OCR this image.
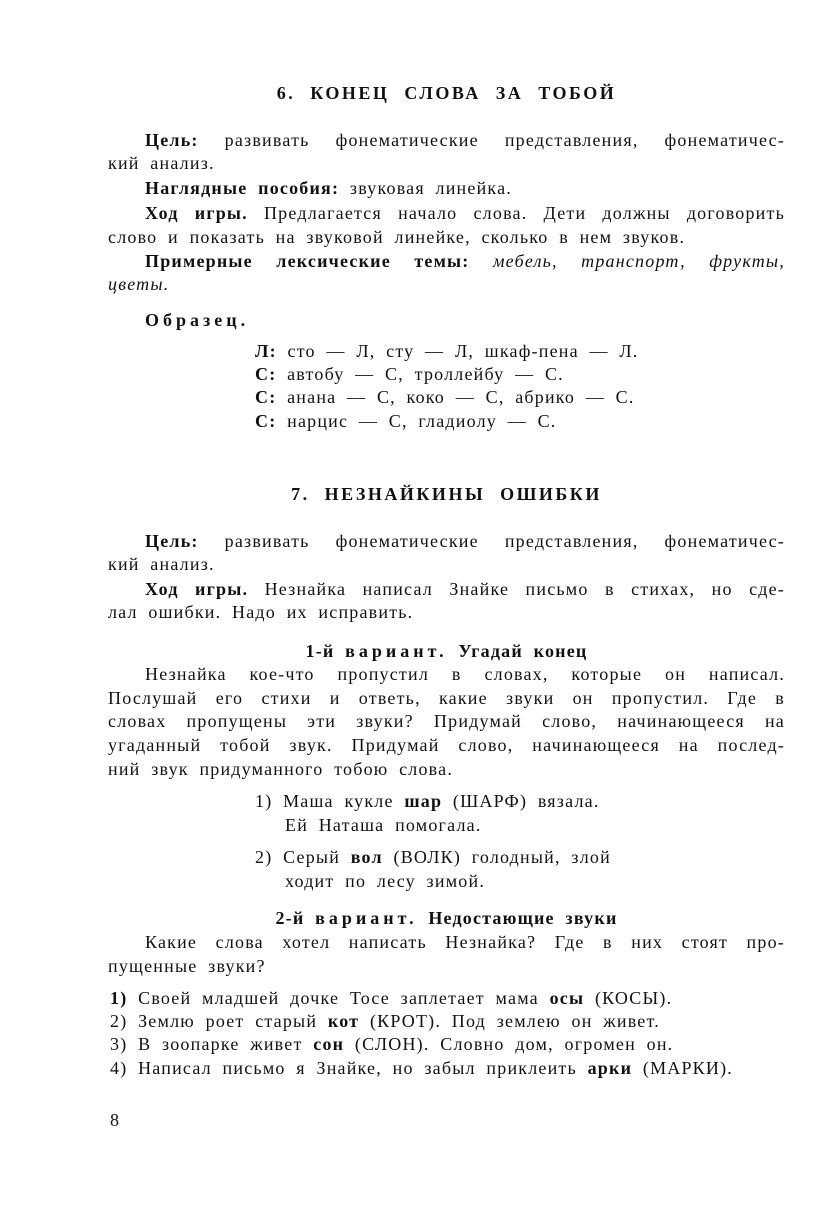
8
6. КОНЕЦ СЛОВА ЗА ТОБОЙ
Цель: развивать фонематические представления, фонематичес-
кий анализ.
Наглядные пособия: звуковая линейка.
Ход игры. Предлагается начало слова. Дети должны договорить
слово и показать на звуковой линейке, сколько в нем звуков.
Примерные лексические темы: мебель, транспорт, фрукты,
цветы.
Образец.
Л: сто — Л, сту — Л, шкаф-пена — Л.
С: автобу — С, троллейбу — С.
С: анана — С, коко — С, абрико — С.
С: нарцис — С, гладиолу — С.
7. НЕЗНАЙКИНЫ ОШИБКИ
Цель: развивать фонематические представления, фонематичес-
кий анализ.
Ход игры. Незнайка написал Знайке письмо в стихах, но сде-
лал ошибки. Надо их исправить.
1-й вариант. Угадай конец
Незнайка кое-что пропустил в словах, которые он написал.
Послушай его стихи и ответь, какие звуки он пропустил. Где в
словах пропущены эти звуки? Придумай слово, начинающееся на
угаданный тобой звук. Придумай слово, начинающееся на послед-
ний звук придуманного тобою слова.
1) Маша кукле шар (ШАРФ) вязала.
Ей Наташа помогала.
2) Серый вол (ВОЛК) голодный, злой
ходит по лесу зимой.
2-й вариант. Недостающие звуки
Какие слова хотел написать Незнайка? Где в них стоят про-
пущенные звуки?
1) Своей младшей дочке Тосе заплетает мама осы (КОСЫ).
2) Землю роет старый кот (КРОТ). Под землею он живет.
3) В зоопарке живет сон (СЛОН). Словно дом, огромен он.
4) Написал письмо я Знайке, но забыл приклеить арки (МАРКИ).
